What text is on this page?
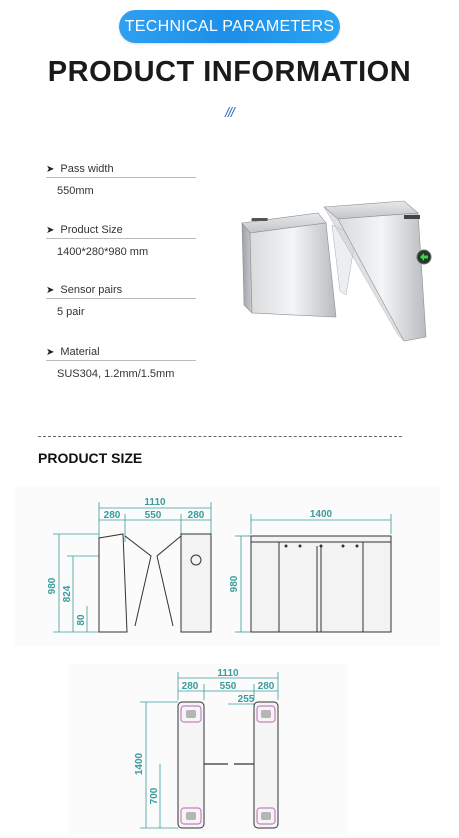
TECHNICAL PARAMETERS
PRODUCT INFORMATION
///
➤ Pass width
550mm
➤ Product Size
1400*280*980 mm
➤ Sensor pairs
5 pair
➤ Material
SUS304, 1.2mm/1.5mm
PRODUCT SIZE
1110
280 550	280
980 824
80
1400
980
1110
280 550 280
255
1400
700
